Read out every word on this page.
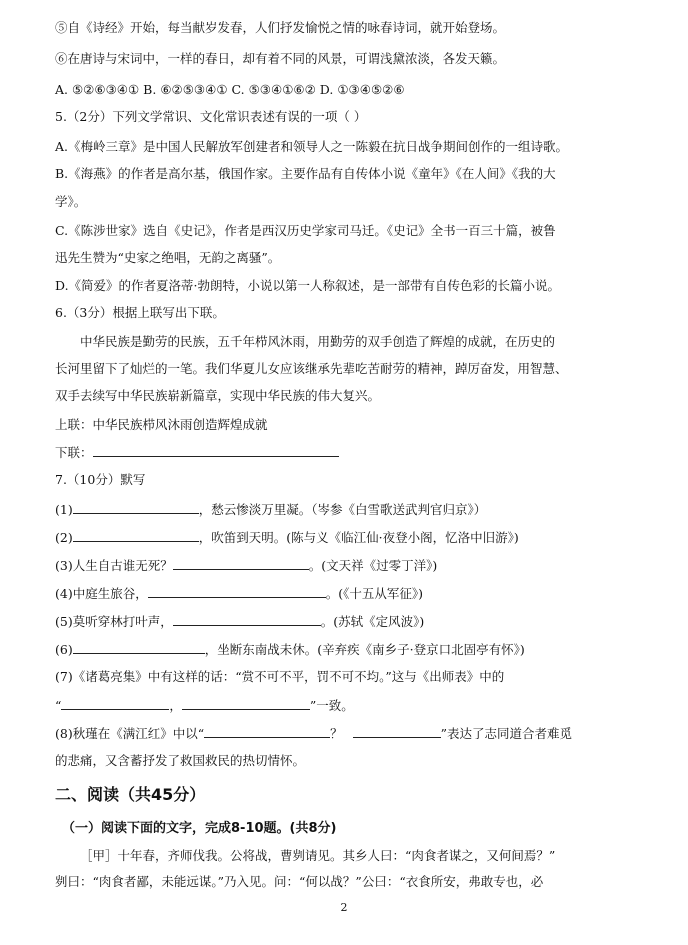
⑤自《诗经》开始，每当献岁发春，人们抒发愉悦之情的咏春诗词，就开始登场。
⑥在唐诗与宋词中，一样的春日，却有着不同的风景，可谓浅黛浓淡，各发天籁。
A. ⑤②⑥③④① B. ⑥②⑤③④① C. ⑤③④①⑥② D. ①③④⑤②⑥
5.（2分）下列文学常识、文化常识表述有误的一项（ ）
A.《梅岭三章》是中国人民解放军创建者和领导人之一陈毅在抗日战争期间创作的一组诗歌。
B.《海燕》的作者是高尔基，俄国作家。主要作品有自传体小说《童年》《在人间》《我的大
学》。
C.《陈涉世家》选自《史记》，作者是西汉历史学家司马迁。《史记》全书一百三十篇，被鲁
迅先生赞为“史家之绝唱，无韵之离骚”。
D.《简爱》的作者夏洛蒂·勃朗特，小说以第一人称叙述，是一部带有自传色彩的长篇小说。
6.（3分）根据上联写出下联。
中华民族是勤劳的民族，五千年栉风沐雨，用勤劳的双手创造了辉煌的成就，在历史的
长河里留下了灿烂的一笔。我们华夏儿女应该继承先辈吃苦耐劳的精神，踔厉奋发，用智慧、
双手去续写中华民族崭新篇章，实现中华民族的伟大复兴。
上联：中华民族栉风沐雨创造辉煌成就
下联：
7.（10分）默写
(1)	，愁云惨淡万里凝。（岑参《白雪歌送武判官归京》）
(2)	，吹笛到天明。(陈与义《临江仙·夜登小阁，忆洛中旧游》)
(3)人生自古谁无死？	。(文天祥《过零丁洋》)
(4)中庭生旅谷，	。(《十五从军征》)
(5)莫听穿林打叶声，	。(苏轼《定风波》)
(6)	，坐断东南战未休。(辛弃疾《南乡子·登京口北固亭有怀》)
(7)《诸葛亮集》中有这样的话：“赏不可不平，罚不可不均。”这与《出师表》中的
“	，	”一致。
(8)秋瑾在《满江红》中以“	？	”表达了志同道合者难觅
的悲痛，又含蓄抒发了救国救民的热切情怀。
二、阅读（共45分）
（一）阅读下面的文字，完成8-10题。(共8分)
［甲］十年春，齐师伐我。公将战，曹刿请见。其乡人曰：“肉食者谋之，又何间焉？”
刿曰：“肉食者鄙，未能远谋。”乃入见。问：“何以战？”公曰：“衣食所安，弗敢专也，必
2
